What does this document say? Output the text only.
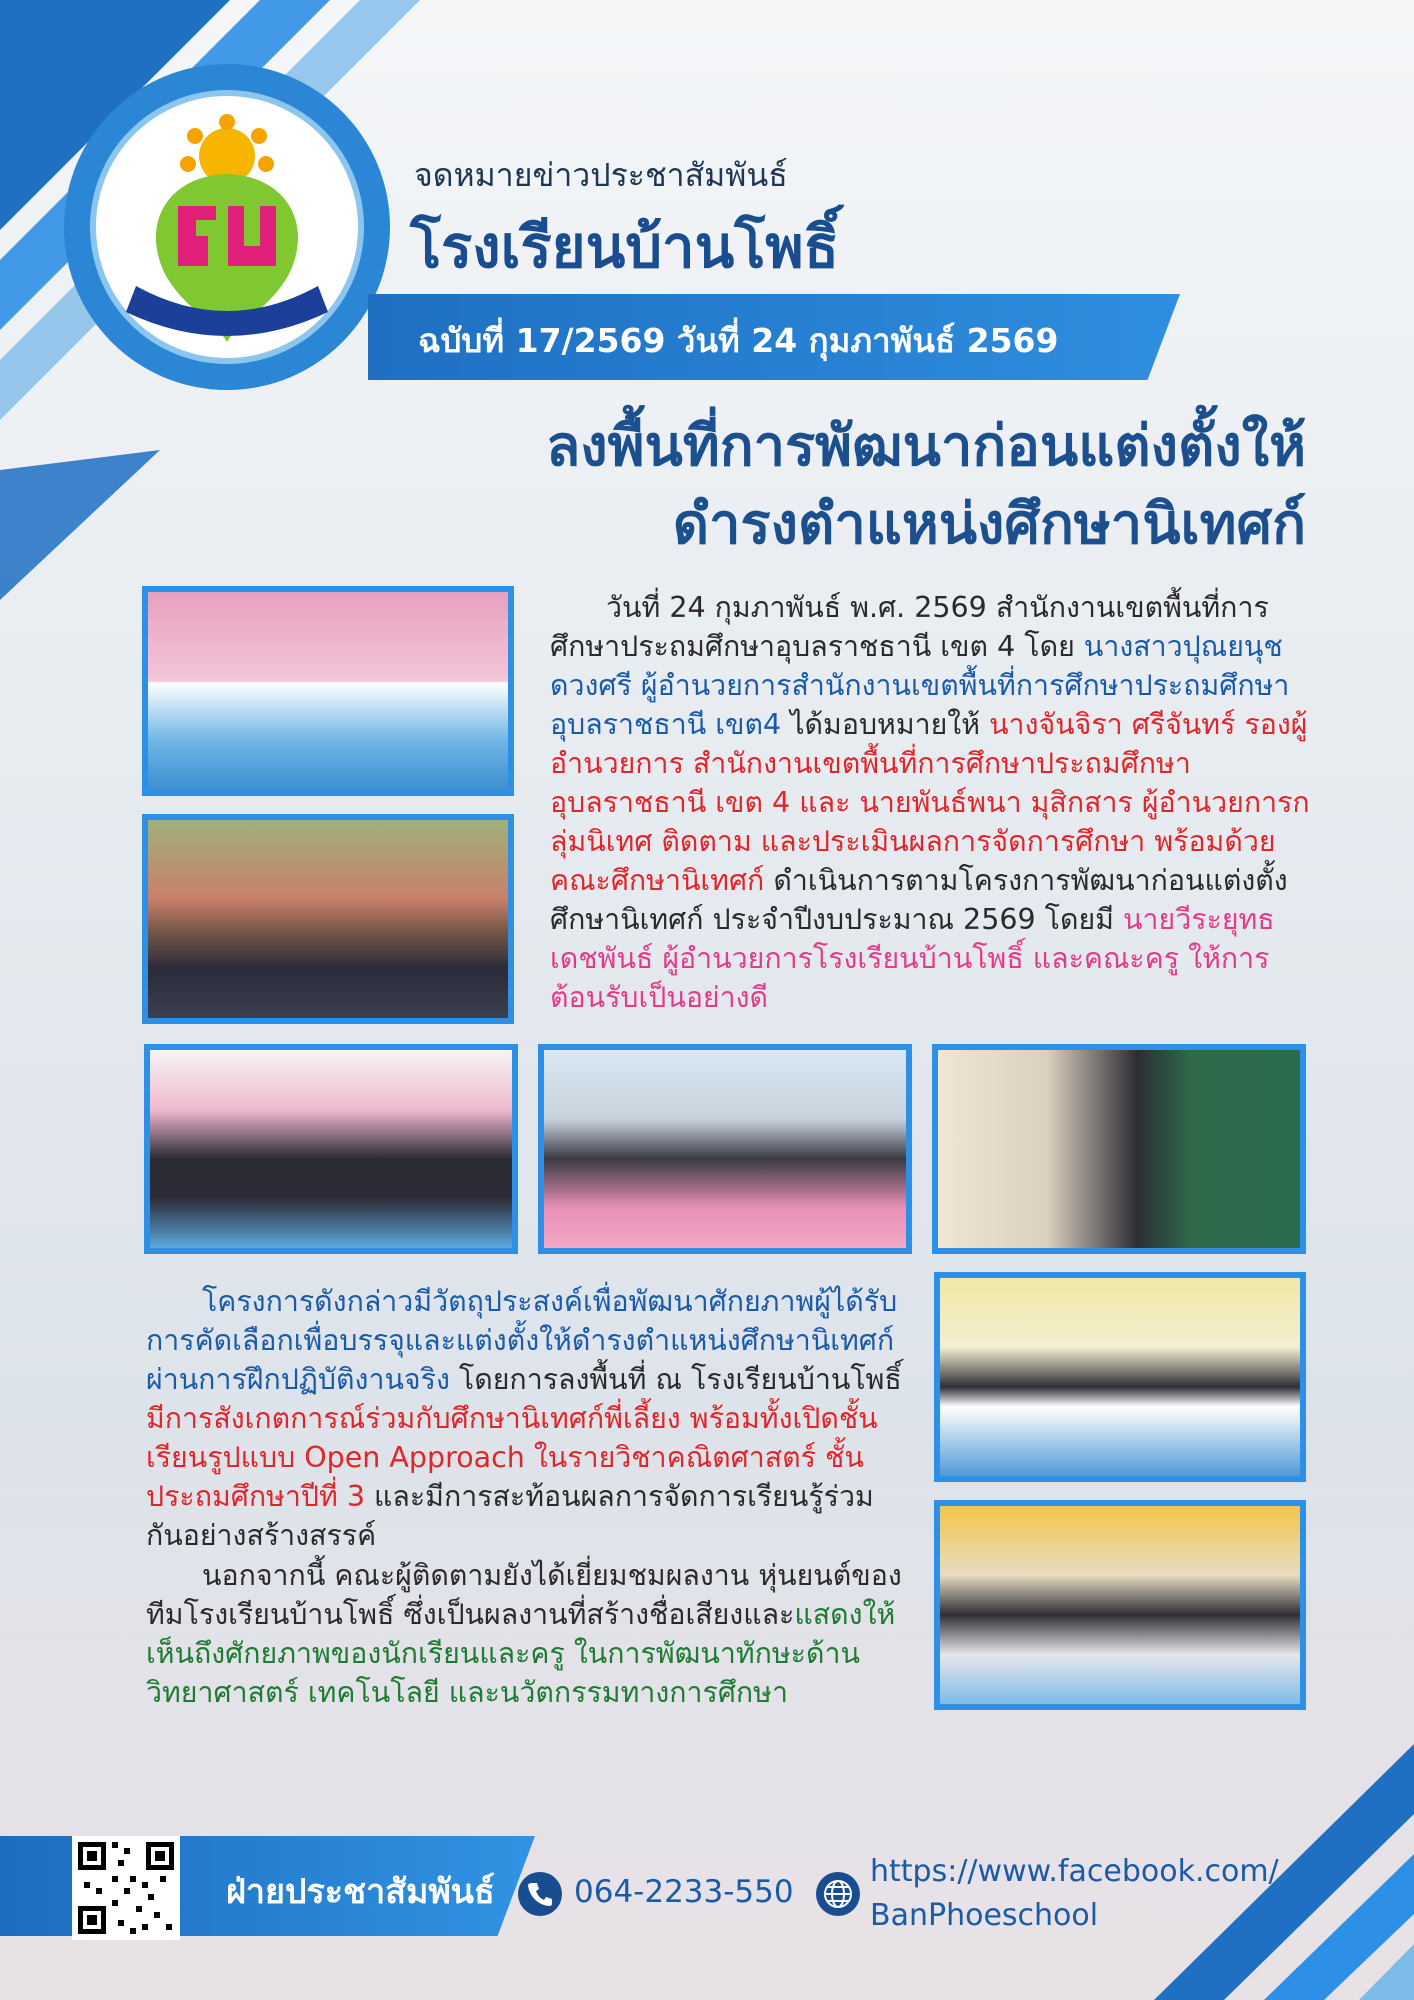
จดหมายข่าวประชาสัมพันธ์
โรงเรียนบ้านโพธิ์
ฉบับที่ 17/2569 วันที่ 24 กุมภาพันธ์ 2569
ลงพื้นที่การพัฒนาก่อนแต่งตั้งให้
ดำรงตำแหน่งศึกษานิเทศก์
วันที่ 24 กุมภาพันธ์ พ.ศ. 2569 สำนักงานเขตพื้นที่การศึกษาประถมศึกษาอุบลราชธานี เขต 4 โดย นางสาวปุณยนุช ดวงศรี ผู้อำนวยการสำนักงานเขตพื้นที่การศึกษาประถมศึกษาอุบลราชธานี เขต4 ได้มอบหมายให้ นางจันจิรา ศรีจันทร์ รองผู้อำนวยการ สำนักงานเขตพื้นที่การศึกษาประถมศึกษาอุบลราชธานี เขต 4 และ นายพันธ์พนา มุสิกสาร ผู้อำนวยการกลุ่มนิเทศ ติดตาม และประเมินผลการจัดการศึกษา พร้อมด้วยคณะศึกษานิเทศก์ ดำเนินการตามโครงการพัฒนาก่อนแต่งตั้งศึกษานิเทศก์ ประจำปีงบประมาณ 2569 โดยมี นายวีระยุทธ เดชพันธ์ ผู้อำนวยการโรงเรียนบ้านโพธิ์ และคณะครู ให้การต้อนรับเป็นอย่างดี
โครงการดังกล่าวมีวัตถุประสงค์เพื่อพัฒนาศักยภาพผู้ได้รับการคัดเลือกเพื่อบรรจุและแต่งตั้งให้ดำรงตำแหน่งศึกษานิเทศก์ ผ่านการฝึกปฏิบัติงานจริง โดยการลงพื้นที่ ณ โรงเรียนบ้านโพธิ์ มีการสังเกตการณ์ร่วมกับศึกษานิเทศก์พี่เลี้ยง พร้อมทั้งเปิดชั้นเรียนรูปแบบ Open Approach ในรายวิชาคณิตศาสตร์ ชั้นประถมศึกษาปีที่ 3 และมีการสะท้อนผลการจัดการเรียนรู้ร่วมกันอย่างสร้างสรรค์
นอกจากนี้ คณะผู้ติดตามยังได้เยี่ยมชมผลงาน หุ่นยนต์ของทีมโรงเรียนบ้านโพธิ์ ซึ่งเป็นผลงานที่สร้างชื่อเสียงและแสดงให้เห็นถึงศักยภาพของนักเรียนและครู ในการพัฒนาทักษะด้านวิทยาศาสตร์ เทคโนโลยี และนวัตกรรมทางการศึกษา
ฝ่ายประชาสัมพันธ์	064-2233-550
https://www.facebook.com/
BanPhoeschool
